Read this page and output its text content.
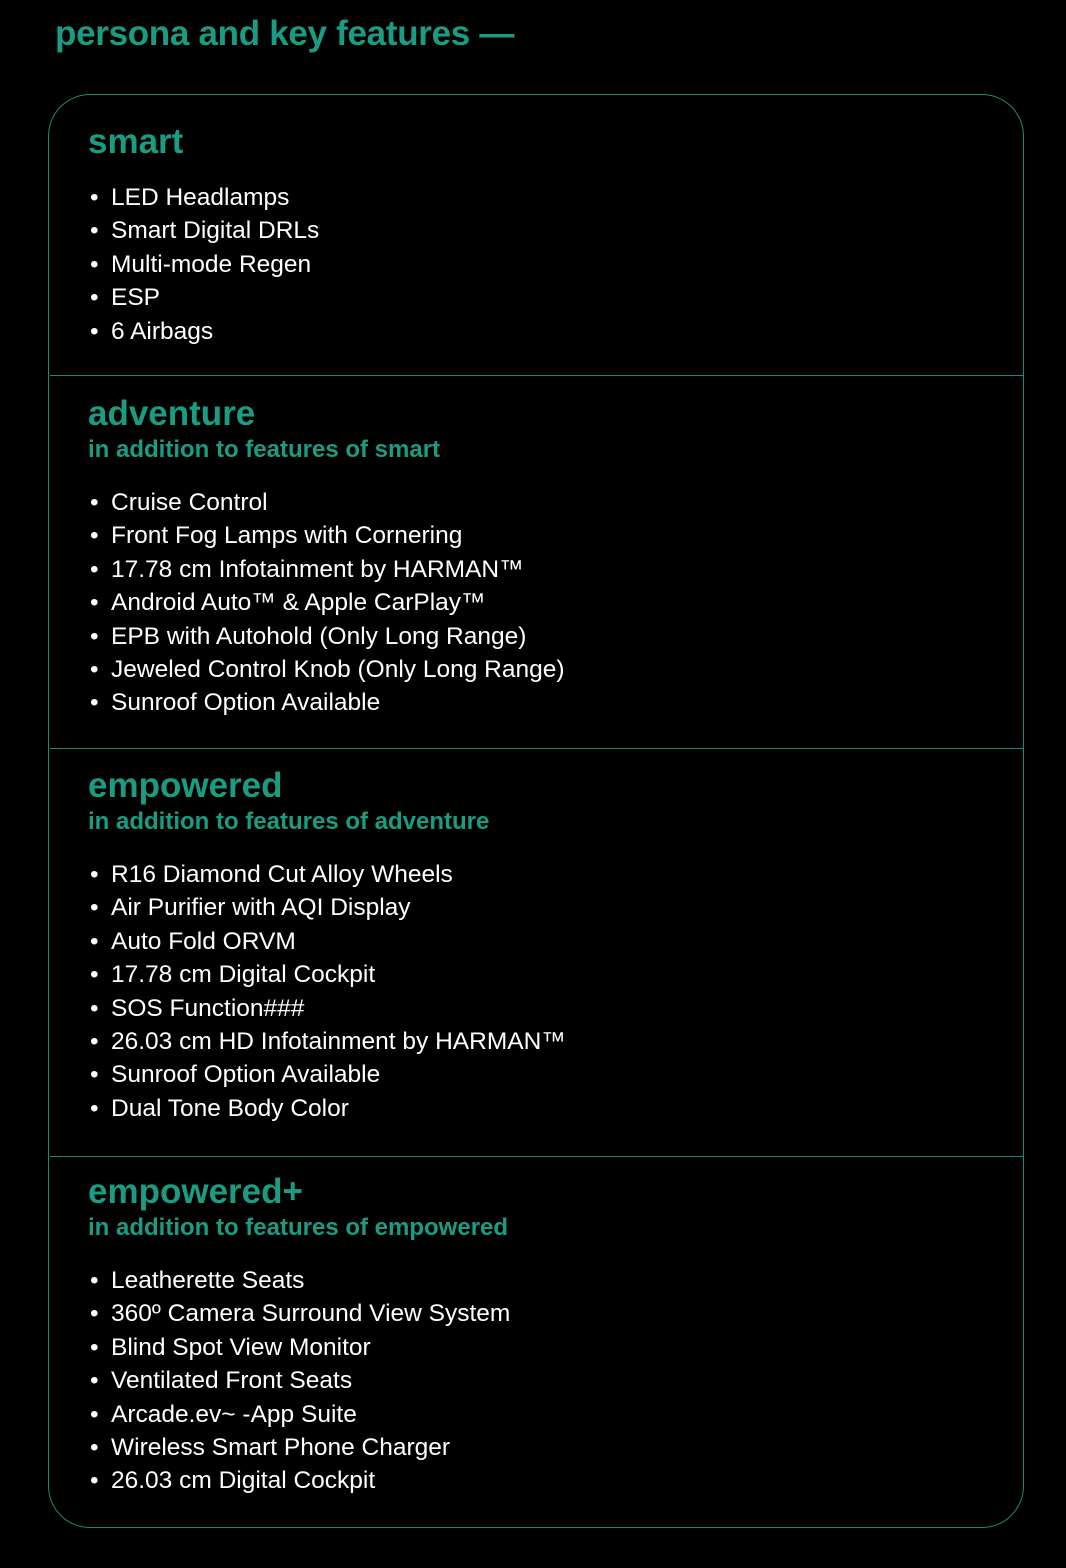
persona and key features —
smart
• LED Headlamps
• Smart Digital DRLs
• Multi-mode Regen
• ESP
• 6 Airbags
adventure

in addition to features of smart

• Cruise Control
• Front Fog Lamps with Cornering
• 17.78 cm Infotainment by HARMAN™
• Android Auto™ & Apple CarPlay™
• EPB with Autohold (Only Long Range)
• Jeweled Control Knob (Only Long Range)
• Sunroof Option Available
empowered

in addition to features of adventure

• R16 Diamond Cut Alloy Wheels
• Air Purifier with AQI Display
• Auto Fold ORVM
• 17.78 cm Digital Cockpit
• SOS Function###
• 26.03 cm HD Infotainment by HARMAN™
• Sunroof Option Available
• Dual Tone Body Color
empowered+

in addition to features of empowered

• Leatherette Seats
• 360º Camera Surround View System
• Blind Spot View Monitor
• Ventilated Front Seats
• Arcade.ev~ -App Suite
• Wireless Smart Phone Charger
• 26.03 cm Digital Cockpit
